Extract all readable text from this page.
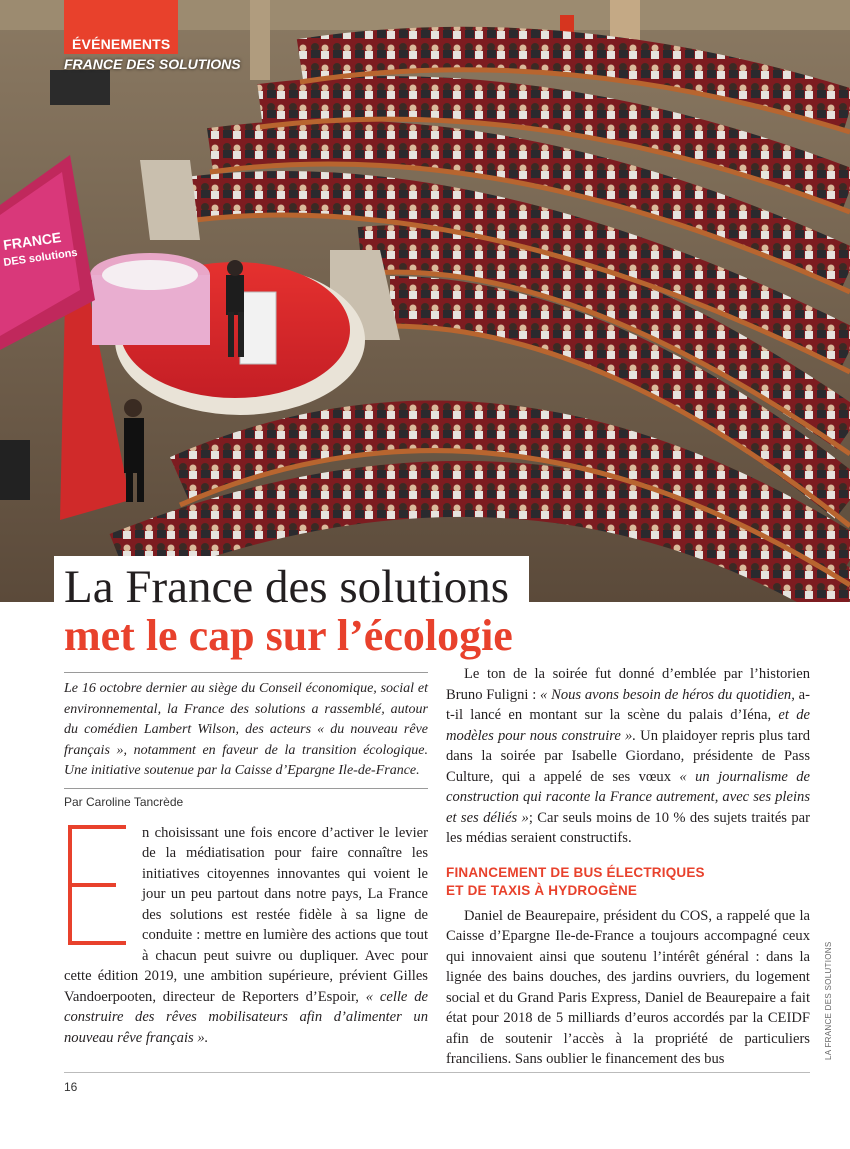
FRANCE
DES solutions
ÉVÉNEMENTS
FRANCE DES SOLUTIONS
La France des solutions
met le cap sur l’écologie
Le 16 octobre dernier au siège du Conseil économique, social et environnemental, la France des solutions a rassemblé, autour du comédien Lambert Wilson, des acteurs « du nouveau rêve français », notamment en faveur de la transition écologique. Une initiative soutenue par la Caisse d’Epargne Ile-de-France.
Par Caroline Tancrède
E

n choisissant une fois encore d’activer le levier de la médiatisation pour faire connaître les initiatives citoyennes innovantes qui voient le jour un peu partout dans notre pays, La France des solutions est restée fidèle à sa ligne de conduite : mettre en lumière des actions que tout à chacun peut suivre ou dupliquer. Avec pour cette édition 2019, une ambition supérieure, prévient Gilles Vandoerpooten, directeur de Reporters d’Espoir, « celle de construire des rêves mobilisateurs afin d’alimenter un nouveau rêve français ».

Le ton de la soirée fut donné d’emblée par l’historien Bruno Fuligni : « Nous avons besoin de héros du quotidien, a-t-il lancé en montant sur la scène du palais d’Iéna, et de modèles pour nous construire ». Un plaidoyer repris plus tard dans la soirée par Isabelle Giordano, présidente de Pass Culture, qui a appelé de ses vœux « un journalisme de construction qui raconte la France autrement, avec ses pleins et ses déliés »; Car seuls moins de 10 % des sujets traités par les médias seraient constructifs.

FINANCEMENT DE BUS ÉLECTRIQUES
ET DE TAXIS À HYDROGÈNE

Daniel de Beaurepaire, président du COS, a rappelé que la Caisse d’Epargne Ile-de-France a toujours accompagné ceux qui innovaient ainsi que soutenu l’intérêt général : dans la lignée des bains douches, des jardins ouvriers, du logement social et du Grand Paris Express, Daniel de Beaurepaire a fait état pour 2018 de 5 milliards d’euros accordés par la CEIDF afin de soutenir l’accès à la propriété de particuliers franciliens. Sans oublier le financement des bus

16
LA FRANCE DES SOLUTIONS
